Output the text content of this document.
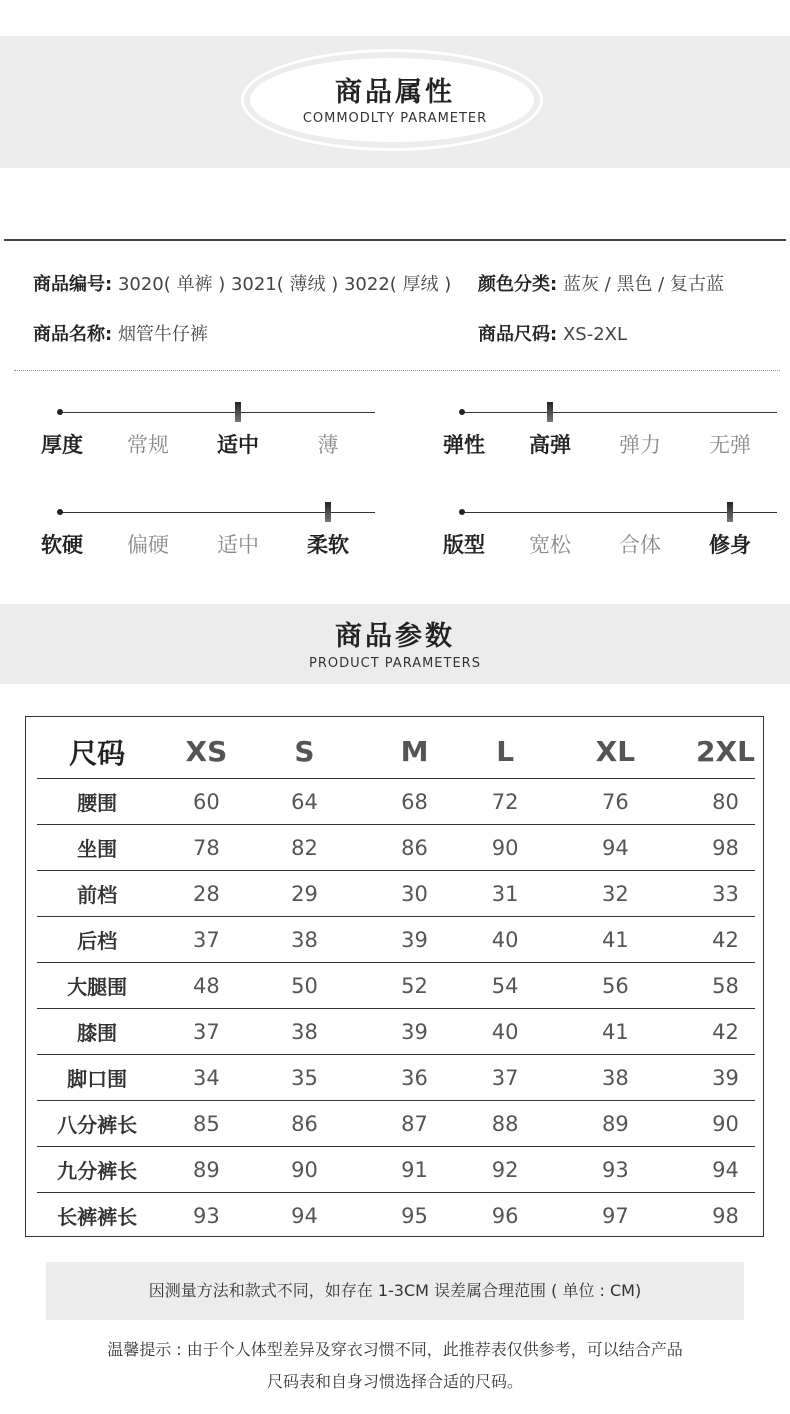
商品属性
COMMODLTY PARAMETER
商品编号: 3020( 单裤 ) 3021( 薄绒 ) 3022( 厚绒 ) 颜色分类: 蓝灰 / 黑色 / 复古蓝
商品名称: 烟管牛仔裤	商品尺码: XS-2XL
厚度 常规 适中	薄	弹性 高弹 弹力 无弹
软硬 偏硬 适中 柔软	版型 宽松 合体 修身
商品参数
PRODUCT PARAMETERS
尺码	XS	S	M	L	XL	2XL
腰围	60	64	68	72	76	80
坐围	78	82	86	90	94	98
前档	28	29	30	31	32	33
后档	37	38	39	40	41	42
大腿围	48	50	52	54	56	58
膝围	37	38	39	40	41	42
脚口围	34	35	36	37	38	39
八分裤长	85	86	87	88	89	90
九分裤长	89	90	91	92	93	94
长裤裤长	93	94	95	96	97	98
因测量方法和款式不同，如存在 1-3CM 误差属合理范围 ( 单位 : CM)
温馨提示 : 由于个人体型差异及穿衣习惯不同，此推荐表仅供参考，可以结合产品
尺码表和自身习惯选择合适的尺码。
